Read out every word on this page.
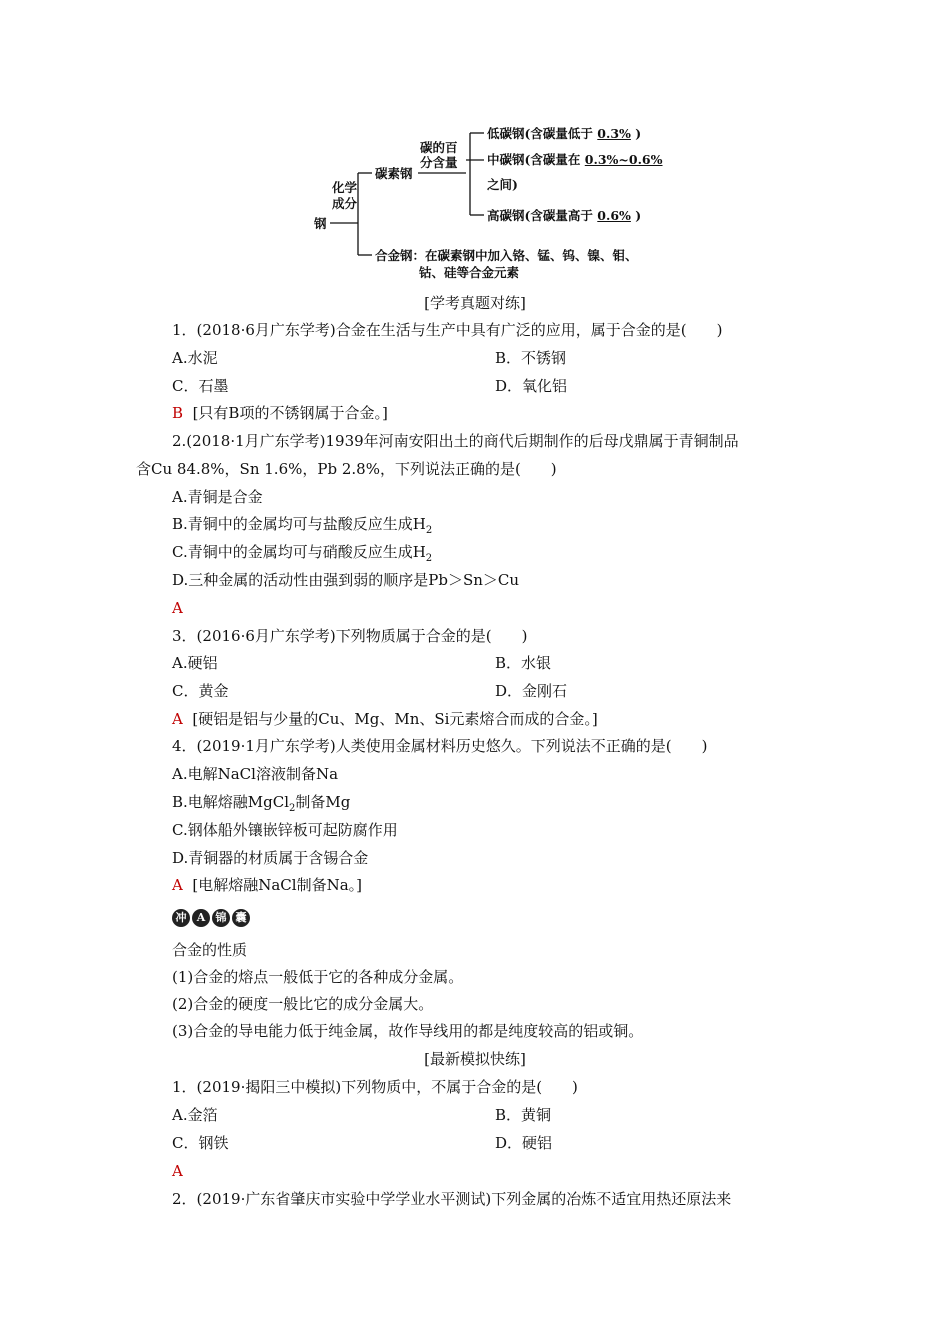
钢
化学成分
碳素钢
碳的百分含量
低碳钢(含碳量低于 0.3% )
中碳钢(含碳量在 0.3%~0.6%
之间)
高碳钢(含碳量高于 0.6% )
合金钢：在碳素钢中加入铬、锰、钨、镍、钼、
钴、硅等合金元素
[学考真题对练]
1．(2018·6月广东学考)合金在生活与生产中具有广泛的应用，属于合金的是(　　)
A.水泥	B．不锈钢
C．石墨	D．氧化铝
B [只有B项的不锈钢属于合金。]
2.(2018·1月广东学考)1939年河南安阳出土的商代后期制作的后母戊鼎属于青铜制品
含Cu 84.8%，Sn 1.6%，Pb 2.8%，下列说法正确的是(　　)
A.青铜是合金
B.青铜中的金属均可与盐酸反应生成$H_2$
C.青铜中的金属均可与硝酸反应生成$H_2$
D.三种金属的活动性由强到弱的顺序是Pb＞Sn＞Cu
A
3．(2016·6月广东学考)下列物质属于合金的是(　　)
A.硬铝	B．水银
C．黄金	D．金刚石
A [硬铝是铝与少量的Cu、Mg、Mn、Si元素熔合而成的合金。]
4．(2019·1月广东学考)人类使用金属材料历史悠久。下列说法不正确的是(　　)
A.电解NaCl溶液制备Na
B.电解熔融MgCl$_2$制备Mg
C.钢体船外镶嵌锌板可起防腐作用
D.青铜器的材质属于含锡合金
A [电解熔融NaCl制备Na。]
冲 A 锦 囊
合金的性质
(1)合金的熔点一般低于它的各种成分金属。
(2)合金的硬度一般比它的成分金属大。
(3)合金的导电能力低于纯金属，故作导线用的都是纯度较高的铝或铜。
[最新模拟快练]
1．(2019·揭阳三中模拟)下列物质中，不属于合金的是(　　)
A.金箔	B．黄铜
C．钢铁	D．硬铝
A
2．(2019·广东省肇庆市实验中学学业水平测试)下列金属的冶炼不适宜用热还原法来
